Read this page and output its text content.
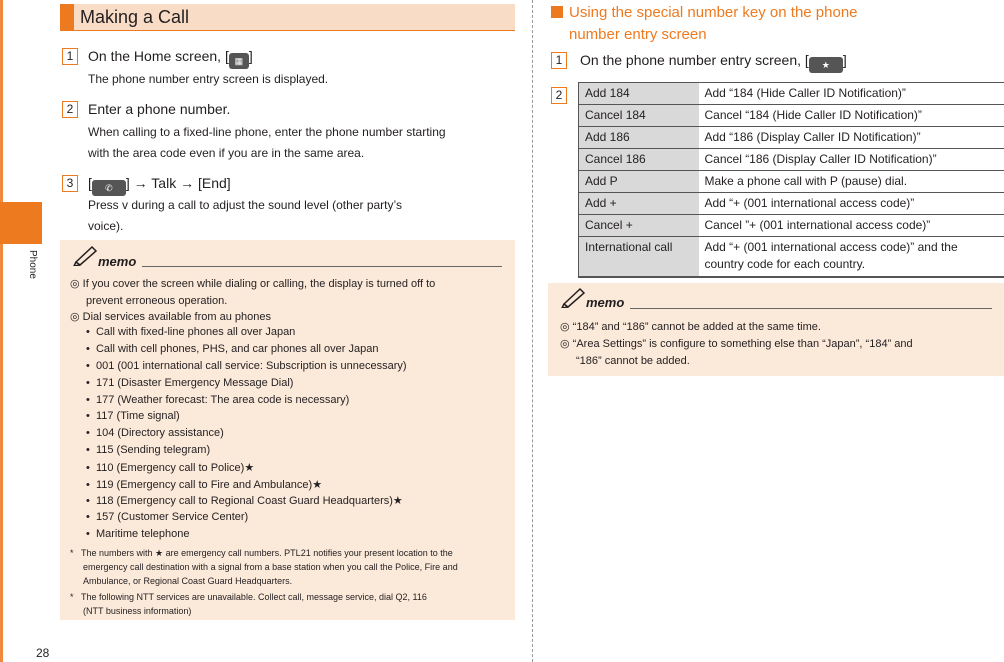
Phone
28
Making a Call
1	On the Home screen, [ ▦ ]
The phone number entry screen is displayed.
2	Enter a phone number.
When calling to a fixed-line phone, enter the phone number starting
with the area code even if you are in the same area.
3	[ ✆ ] → Talk → [End]
Press v during a call to adjust the sound level (other party’s
voice).
memo
◎ If you cover the screen while dialing or calling, the display is turned off to
prevent erroneous operation.
◎ Dial services available from au phones
•  Call with fixed-line phones all over Japan
•  Call with cell phones, PHS, and car phones all over Japan
•  001 (001 international call service: Subscription is unnecessary)
•  171 (Disaster Emergency Message Dial)
•  177 (Weather forecast: The area code is necessary)
•  117 (Time signal)
•  104 (Directory assistance)
•  115 (Sending telegram)
•  110 (Emergency call to Police)★
•  119 (Emergency call to Fire and Ambulance)★
•  118 (Emergency call to Regional Coast Guard Headquarters)★
•  157 (Customer Service Center)
•  Maritime telephone
* The numbers with ★ are emergency call numbers. PTL21 notifies your present location to the
emergency call destination with a signal from a base station when you call the Police, Fire and
Ambulance, or Regional Coast Guard Headquarters.
* The following NTT services are unavailable. Collect call, message service, dial Q2, 116
(NTT business information)
Using the special number key on the phone
number entry screen
1	On the phone number entry screen, [ ★ ]
2	Add 184	Add “184 (Hide Caller ID Notification)”
Cancel 184	Cancel “184 (Hide Caller ID Notification)”
Add 186	Add “186 (Display Caller ID Notification)”
Cancel 186	Cancel “186 (Display Caller ID Notification)”
Add P	Make a phone call with P (pause) dial.
Add +	Add “+ (001 international access code)”
Cancel +	Cancel ”+ (001 international access code)”
International call	Add “+ (001 international access code)” and the country code for each country.
memo
◎ “184” and “186” cannot be added at the same time.
◎ “Area Settings” is configure to something else than “Japan”, “184” and
“186” cannot be added.
